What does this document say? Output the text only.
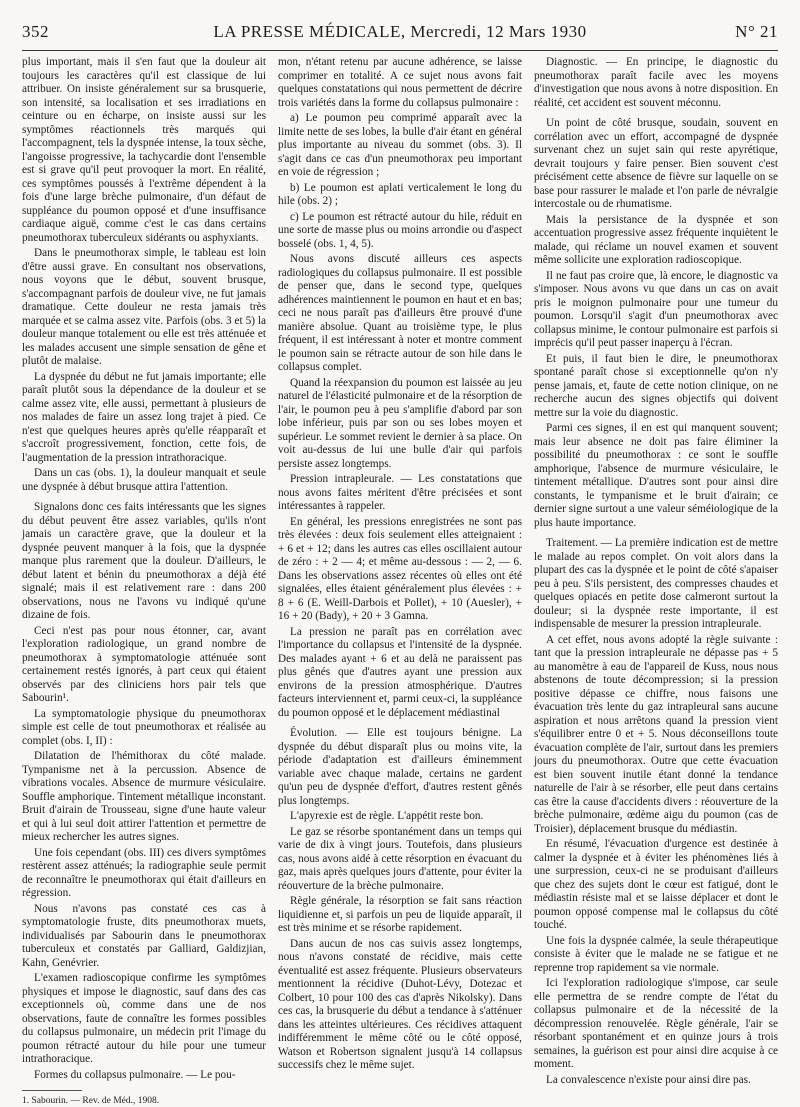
352	LA PRESSE MÉDICALE, Mercredi, 12 Mars 1930	N° 21

plus important, mais il s'en faut que la douleur ait toujours les caractères qu'il est classique de lui attribuer. On insiste généralement sur sa brusquerie, son intensité, sa localisation et ses irradiations en ceinture ou en écharpe, on insiste aussi sur les symptômes réactionnels très marqués qui l'accompagnent, tels la dyspnée intense, la toux sèche, l'angoisse progressive, la tachycardie dont l'ensemble est si grave qu'il peut provoquer la mort. En réalité, ces symptômes poussés à l'extrême dépendent à la fois d'une large brèche pulmonaire, d'un défaut de suppléance du poumon opposé et d'une insuffisance cardiaque aiguë, comme c'est le cas dans certains pneumothorax tuberculeux sidérants ou asphyxiants.

Dans le pneumothorax simple, le tableau est loin d'être aussi grave. En consultant nos observations, nous voyons que le début, souvent brusque, s'accompagnant parfois de douleur vive, ne fut jamais dramatique. Cette douleur ne resta jamais très marquée et se calma assez vite. Parfois (obs. 3 et 5) la douleur manque totalement ou elle est très atténuée et les malades accusent une simple sensation de gêne et plutôt de malaise.

La dyspnée du début ne fut jamais importante; elle paraît plutôt sous la dépendance de la douleur et se calme assez vite, elle aussi, permettant à plusieurs de nos malades de faire un assez long trajet à pied. Ce n'est que quelques heures après qu'elle réapparaît et s'accroît progressivement, fonction, cette fois, de l'augmentation de la pression intrathoracique.

Dans un cas (obs. 1), la douleur manquait et seule une dyspnée à début brusque attira l'attention.

Signalons donc ces faits intéressants que les signes du début peuvent être assez variables, qu'ils n'ont jamais un caractère grave, que la douleur et la dyspnée peuvent manquer à la fois, que la dyspnée manque plus rarement que la douleur. D'ailleurs, le début latent et bénin du pneumothorax a déjà été signalé; mais il est relativement rare : dans 200 observations, nous ne l'avons vu indiqué qu'une dizaine de fois.

Ceci n'est pas pour nous étonner, car, avant l'exploration radiologique, un grand nombre de pneumothorax à symptomatologie atténuée sont certainement restés ignorés, à part ceux qui étaient observés par des cliniciens hors pair tels que Sabourin¹.

La symptomatologie physique du pneumothorax simple est celle de tout pneumothorax et réalisée au complet (obs. I, II) :

Dilatation de l'hémithorax du côté malade. Tympanisme net à la percussion. Absence de vibrations vocales. Absence de murmure vésiculaire. Souffle amphorique. Tintement métallique inconstant. Bruit d'airain de Trousseau, signe d'une haute valeur et qui à lui seul doit attirer l'attention et permettre de mieux rechercher les autres signes.

Une fois cependant (obs. III) ces divers symptômes restèrent assez atténués; la radiographie seule permit de reconnaître le pneumothorax qui était d'ailleurs en régression.

Nous n'avons pas constaté ces cas à symptomatologie fruste, dits pneumothorax muets, individualisés par Sabourin dans le pneumothorax tuberculeux et constatés par Galliard, Galdizjian, Kahn, Genévrier.

L'examen radioscopique confirme les symptômes physiques et impose le diagnostic, sauf dans des cas exceptionnels où, comme dans une de nos observations, faute de connaître les formes possibles du collapsus pulmonaire, un médecin prit l'image du poumon rétracté autour du hile pour une tumeur intrathoracique.

Formes du collapsus pulmonaire. — Le pou-

1. Sabourin. — Rev. de Méd., 1908.

mon, n'étant retenu par aucune adhérence, se laisse comprimer en totalité. A ce sujet nous avons fait quelques constatations qui nous permettent de décrire trois variétés dans la forme du collapsus pulmonaire :

a) Le poumon peu comprimé apparaît avec la limite nette de ses lobes, la bulle d'air étant en général plus importante au niveau du sommet (obs. 3). Il s'agit dans ce cas d'un pneumothorax peu important en voie de régression ;

b) Le poumon est aplati verticalement le long du hile (obs. 2) ;

c) Le poumon est rétracté autour du hile, réduit en une sorte de masse plus ou moins arrondie ou d'aspect bosselé (obs. 1, 4, 5).

Nous avons discuté ailleurs ces aspects radiologiques du collapsus pulmonaire. Il est possible de penser que, dans le second type, quelques adhérences maintiennent le poumon en haut et en bas; ceci ne nous paraît pas d'ailleurs être prouvé d'une manière absolue. Quant au troisième type, le plus fréquent, il est intéressant à noter et montre comment le poumon sain se rétracte autour de son hile dans le collapsus complet.

Quand la réexpansion du poumon est laissée au jeu naturel de l'élasticité pulmonaire et de la résorption de l'air, le poumon peu à peu s'amplifie d'abord par son lobe inférieur, puis par son ou ses lobes moyen et supérieur. Le sommet revient le dernier à sa place. On voit au-dessus de lui une bulle d'air qui parfois persiste assez longtemps.

Pression intrapleurale. — Les constatations que nous avons faites méritent d'être précisées et sont intéressantes à rappeler.

En général, les pressions enregistrées ne sont pas très élevées : deux fois seulement elles atteignaient : + 6 et + 12; dans les autres cas elles oscillaient autour de zéro : + 2 — 4; et même au-dessous : — 2, — 6. Dans les observations assez récentes où elles ont été signalées, elles étaient généralement plus élevées : + 8 + 6 (E. Weill-Darbois et Pollet), + 10 (Auesler), + 16 + 20 (Bady), + 20 + 3 Gamna.

La pression ne paraît pas en corrélation avec l'importance du collapsus et l'intensité de la dyspnée. Des malades ayant + 6 et au delà ne paraissent pas plus gênés que d'autres ayant une pression aux environs de la pression atmosphérique. D'autres facteurs interviennent et, parmi ceux-ci, la suppléance du poumon opposé et le déplacement médiastinal

Évolution. — Elle est toujours bénigne. La dyspnée du début disparaît plus ou moins vite, la période d'adaptation est d'ailleurs éminemment variable avec chaque malade, certains ne gardent qu'un peu de dyspnée d'effort, d'autres restent gênés plus longtemps.

L'apyrexie est de règle. L'appétit reste bon.

Le gaz se résorbe spontanément dans un temps qui varie de dix à vingt jours. Toutefois, dans plusieurs cas, nous avons aidé à cette résorption en évacuant du gaz, mais après quelques jours d'attente, pour éviter la réouverture de la brèche pulmonaire.

Règle générale, la résorption se fait sans réaction liquidienne et, si parfois un peu de liquide apparaît, il est très minime et se résorbe rapidement.

Dans aucun de nos cas suivis assez longtemps, nous n'avons constaté de récidive, mais cette éventualité est assez fréquente. Plusieurs observateurs mentionnent la récidive (Duhot-Lévy, Dotezac et Colbert, 10 pour 100 des cas d'après Nikolsky). Dans ces cas, la brusquerie du début a tendance à s'atténuer dans les atteintes ultérieures. Ces récidives attaquent indifféremment le même côté ou le côté opposé, Watson et Robertson signalent jusqu'à 14 collapsus successifs chez le même sujet.

Diagnostic. — En principe, le diagnostic du pneumothorax paraît facile avec les moyens d'investigation que nous avons à notre disposition. En réalité, cet accident est souvent méconnu.

Un point de côté brusque, soudain, souvent en corrélation avec un effort, accompagné de dyspnée survenant chez un sujet sain qui reste apyrétique, devrait toujours y faire penser. Bien souvent c'est précisément cette absence de fièvre sur laquelle on se base pour rassurer le malade et l'on parle de névralgie intercostale ou de rhumatisme.

Mais la persistance de la dyspnée et son accentuation progressive assez fréquente inquiètent le malade, qui réclame un nouvel examen et souvent même sollicite une exploration radioscopique.

Il ne faut pas croire que, là encore, le diagnostic va s'imposer. Nous avons vu que dans un cas on avait pris le moignon pulmonaire pour une tumeur du poumon. Lorsqu'il s'agit d'un pneumothorax avec collapsus minime, le contour pulmonaire est parfois si imprécis qu'il peut passer inaperçu à l'écran.

Et puis, il faut bien le dire, le pneumothorax spontané paraît chose si exceptionnelle qu'on n'y pense jamais, et, faute de cette notion clinique, on ne recherche aucun des signes objectifs qui doivent mettre sur la voie du diagnostic.

Parmi ces signes, il en est qui manquent souvent; mais leur absence ne doit pas faire éliminer la possibilité du pneumothorax : ce sont le souffle amphorique, l'absence de murmure vésiculaire, le tintement métallique. D'autres sont pour ainsi dire constants, le tympanisme et le bruit d'airain; ce dernier signe surtout a une valeur séméiologique de la plus haute importance.

Traitement. — La première indication est de mettre le malade au repos complet. On voit alors dans la plupart des cas la dyspnée et le point de côté s'apaiser peu à peu. S'ils persistent, des compresses chaudes et quelques opiacés en petite dose calmeront surtout la douleur; si la dyspnée reste importante, il est indispensable de mesurer la pression intrapleurale.

A cet effet, nous avons adopté la règle suivante : tant que la pression intrapleurale ne dépasse pas + 5 au manomètre à eau de l'appareil de Kuss, nous nous abstenons de toute décompression; si la pression positive dépasse ce chiffre, nous faisons une évacuation très lente du gaz intrapleural sans aucune aspiration et nous arrêtons quand la pression vient s'équilibrer entre 0 et + 5. Nous déconseillons toute évacuation complète de l'air, surtout dans les premiers jours du pneumothorax. Outre que cette évacuation est bien souvent inutile étant donné la tendance naturelle de l'air à se résorber, elle peut dans certains cas être la cause d'accidents divers : réouverture de la brèche pulmonaire, œdème aigu du poumon (cas de Troisier), déplacement brusque du médiastin.

En résumé, l'évacuation d'urgence est destinée à calmer la dyspnée et à éviter les phénomènes liés à une surpression, ceux-ci ne se produisant d'ailleurs que chez des sujets dont le cœur est fatigué, dont le médiastin résiste mal et se laisse déplacer et dont le poumon opposé compense mal le collapsus du côté touché.

Une fois la dyspnée calmée, la seule thérapeutique consiste à éviter que le malade ne se fatigue et ne reprenne trop rapidement sa vie normale.

Ici l'exploration radiologique s'impose, car seule elle permettra de se rendre compte de l'état du collapsus pulmonaire et de la nécessité de la décompression renouvelée. Règle générale, l'air se résorbant spontanément et en quinze jours à trois semaines, la guérison est pour ainsi dire acquise à ce moment.

La convalescence n'existe pour ainsi dire pas.
